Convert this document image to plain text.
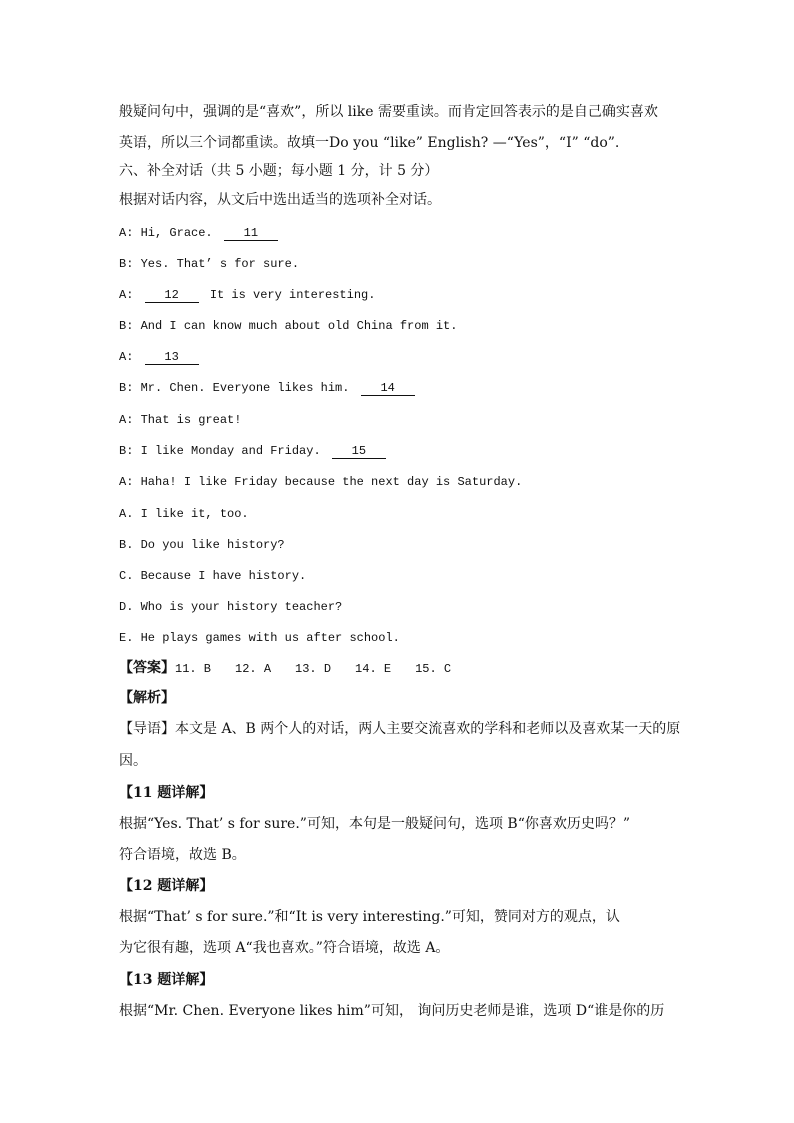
般疑问句中，强调的是“喜欢”，所以 like 需要重读。而肯定回答表示的是自己确实喜欢
英语，所以三个词都重读。故填一Do you “like” English? —“Yes”，“I” “do”.
六、补全对话（共 5 小题；每小题 1 分，计 5 分）
根据对话内容，从文后中选出适当的选项补全对话。
A: Hi, Grace.	11
B: Yes. That’ s for sure.
A:	12	It is very interesting.
B: And I can know much about old China from it.
A:	13
B: Mr. Chen. Everyone likes him.	14
A: That is great!
B: I like Monday and Friday.	15
A: Haha! I like Friday because the next day is Saturday.
A. I like it, too.
B. Do you like history?
C. Because I have history.
D. Who is your history teacher?
E. He plays games with us after school.
【答案】11. B 12. A 13. D 14. E 15. C
【解析】
【导语】本文是 A、B 两个人的对话，两人主要交流喜欢的学科和老师以及喜欢某一天的原
因。
【11 题详解】
根据“Yes. That’ s for sure.”可知，本句是一般疑问句，选项 B“你喜欢历史吗？”
符合语境，故选 B。
【12 题详解】
根据“That’ s for sure.”和“It is very interesting.”可知，赞同对方的观点，认
为它很有趣，选项 A“我也喜欢。”符合语境，故选 A。
【13 题详解】
根据“Mr. Chen. Everyone likes him”可知， 询问历史老师是谁，选项 D“谁是你的历
